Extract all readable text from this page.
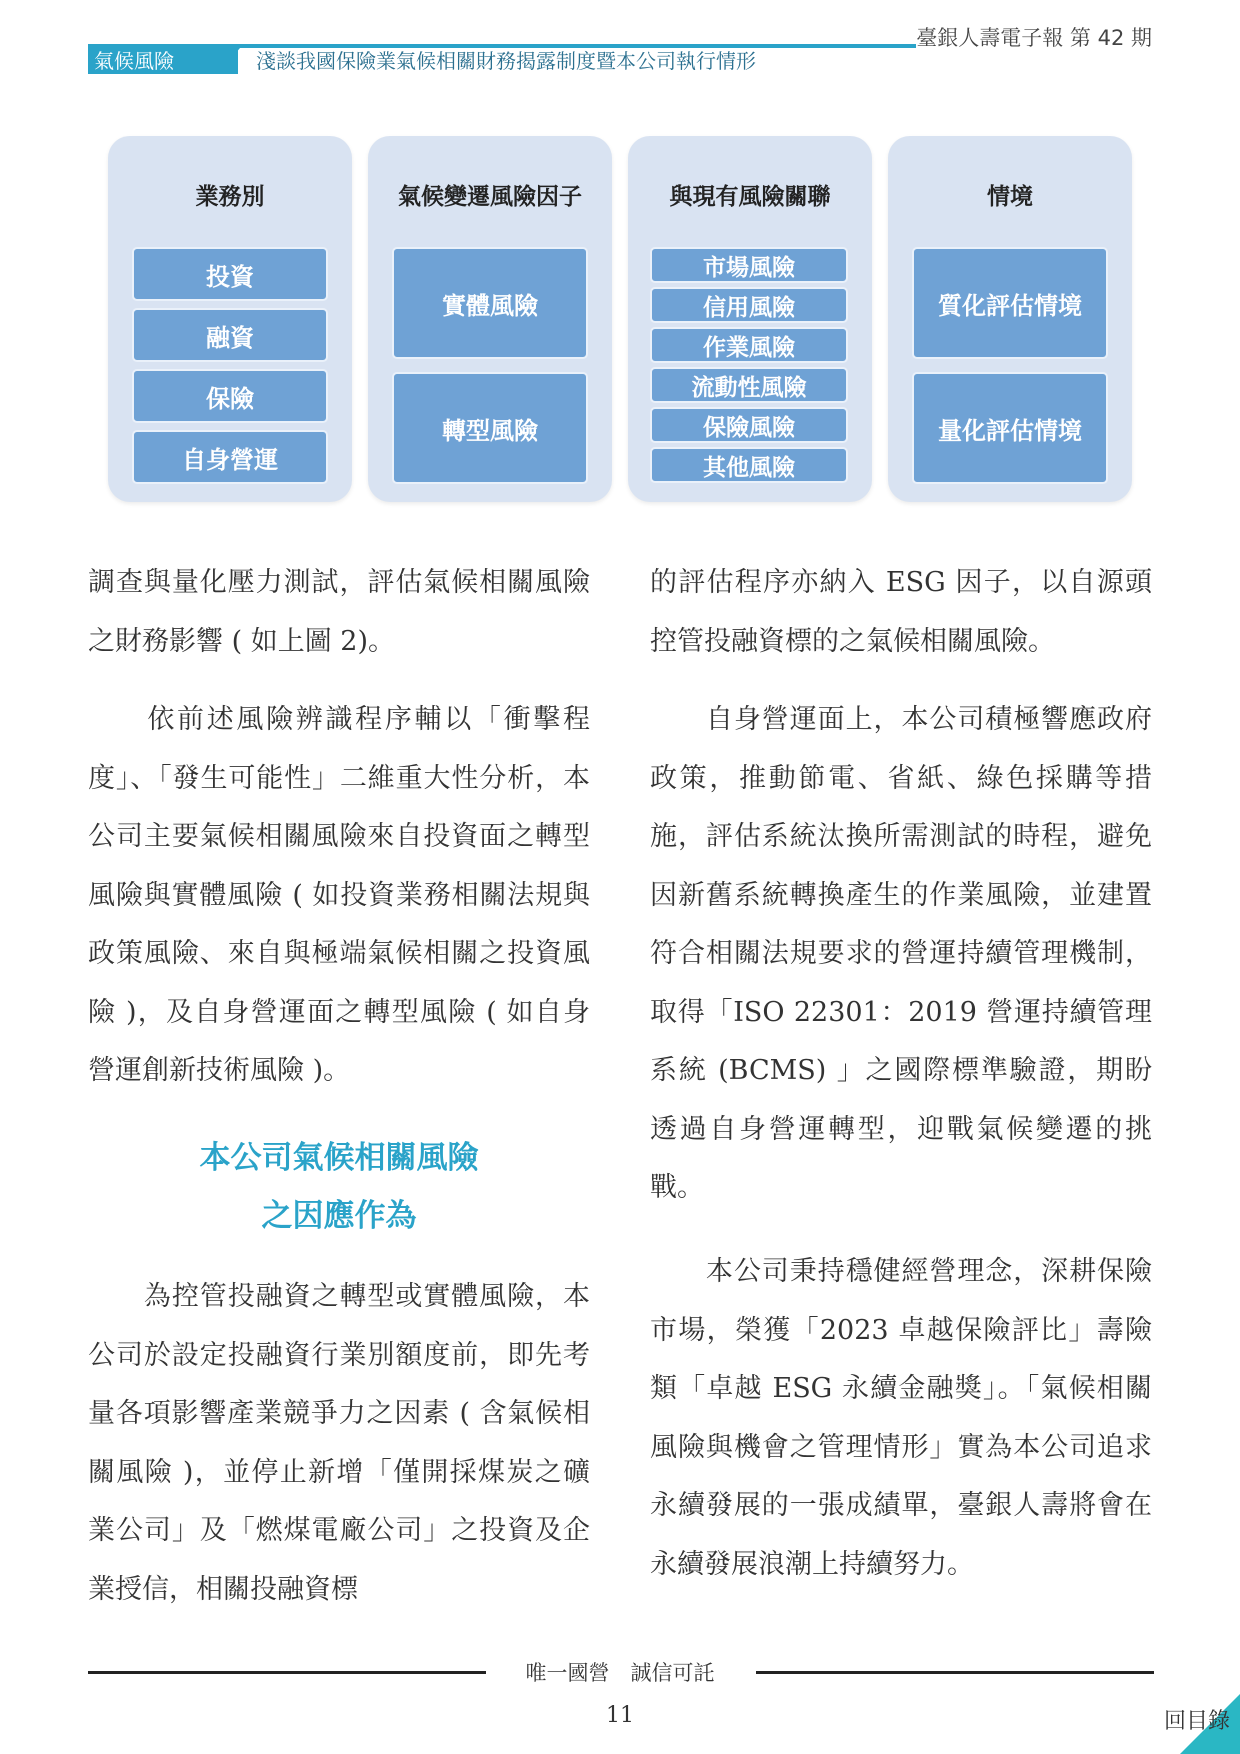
氣候風險	淺談我國保險業氣候相關財務揭露制度暨本公司執行情形
臺銀人壽電子報 第 42 期
業務別
投資
融資
保險
自身營運
氣候變遷風險因子
實體風險
轉型風險
與現有風險關聯
市場風險
信用風險
作業風險
流動性風險
保險風險
其他風險
情境
質化評估情境
量化評估情境

調查與量化壓力測試，評估氣候相關風險之財務影響 ( 如上圖 2)。

　　依前述風險辨識程序輔以「衝擊程度」、「發生可能性」二維重大性分析，本公司主要氣候相關風險來自投資面之轉型風險與實體風險 ( 如投資業務相關法規與政策風險、來自與極端氣候相關之投資風險 )，及自身營運面之轉型風險 ( 如自身營運創新技術風險 )。

本公司氣候相關風險
之因應作為

　　為控管投融資之轉型或實體風險，本公司於設定投融資行業別額度前，即先考量各項影響產業競爭力之因素 ( 含氣候相關風險 )，並停止新增「僅開採煤炭之礦業公司」及「燃煤電廠公司」之投資及企業授信，相關投融資標

的評估程序亦納入 ESG 因子，以自源頭控管投融資標的之氣候相關風險。

　　自身營運面上，本公司積極響應政府政策，推動節電、省紙、綠色採購等措施，評估系統汰換所需測試的時程，避免因新舊系統轉換產生的作業風險，並建置符合相關法規要求的營運持續管理機制，取得「ISO 22301：2019 營運持續管理系統 (BCMS) 」之國際標準驗證，期盼透過自身營運轉型，迎戰氣候變遷的挑戰。

　　本公司秉持穩健經營理念，深耕保險市場，榮獲「2023 卓越保險評比」壽險類「卓越 ESG 永續金融獎」。「氣候相關風險與機會之管理情形」實為本公司追求永續發展的一張成績單，臺銀人壽將會在永續發展浪潮上持續努力。

唯一國營　誠信可託
11	回目錄
